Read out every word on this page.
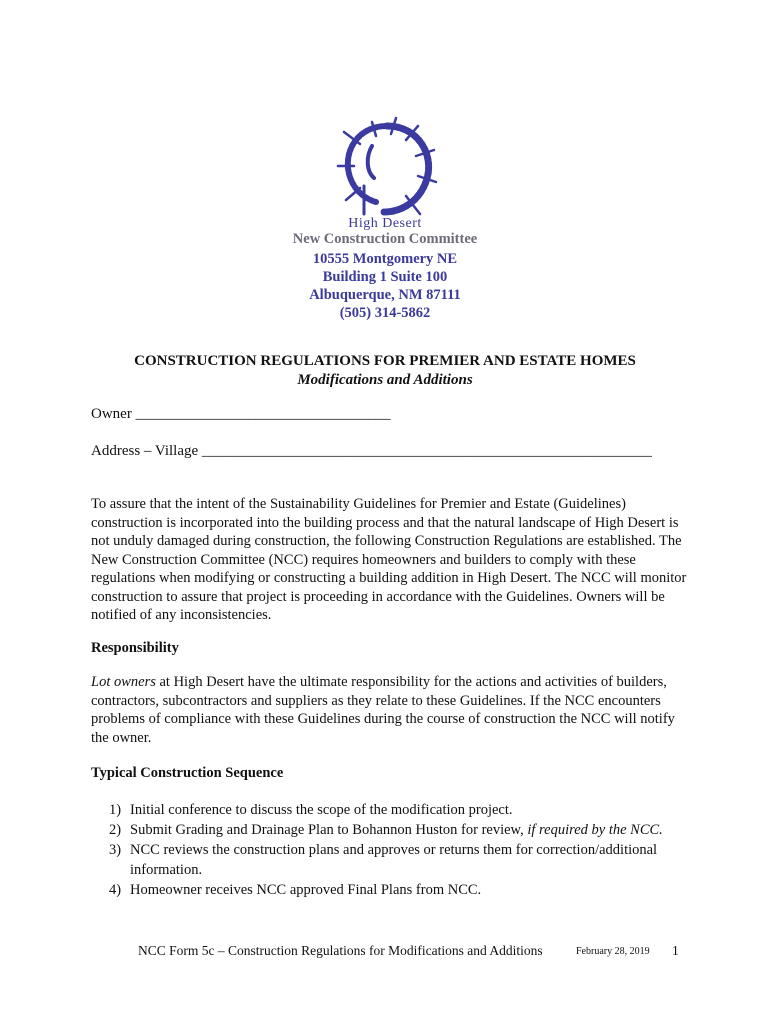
High Desert
New Construction Committee
10555 Montgomery NE
Building 1 Suite 100
Albuquerque, NM 87111
(505) 314-5862
CONSTRUCTION REGULATIONS FOR PREMIER AND ESTATE HOMES
Modifications and Additions
Owner __________________________________
Address – Village ____________________________________________________________
To assure that the intent of the Sustainability Guidelines for Premier and Estate (Guidelines) construction is incorporated into the building process and that the natural landscape of High Desert is not unduly damaged during construction, the following Construction Regulations are established. The New Construction Committee (NCC) requires homeowners and builders to comply with these regulations when modifying or constructing a building addition in High Desert. The NCC will monitor construction to assure that project is proceeding in accordance with the Guidelines. Owners will be notified of any inconsistencies.
Responsibility
Lot owners at High Desert have the ultimate responsibility for the actions and activities of builders, contractors, subcontractors and suppliers as they relate to these Guidelines. If the NCC encounters problems of compliance with these Guidelines during the course of construction the NCC will notify the owner.
Typical Construction Sequence
1) Initial conference to discuss the scope of the modification project.
2) Submit Grading and Drainage Plan to Bohannon Huston for review, if required by the NCC.
3) NCC reviews the construction plans and approves or returns them for correction/additional information.
4) Homeowner receives NCC approved Final Plans from NCC.
NCC Form 5c – Construction Regulations for Modifications and Additions	February 28, 2019 1
